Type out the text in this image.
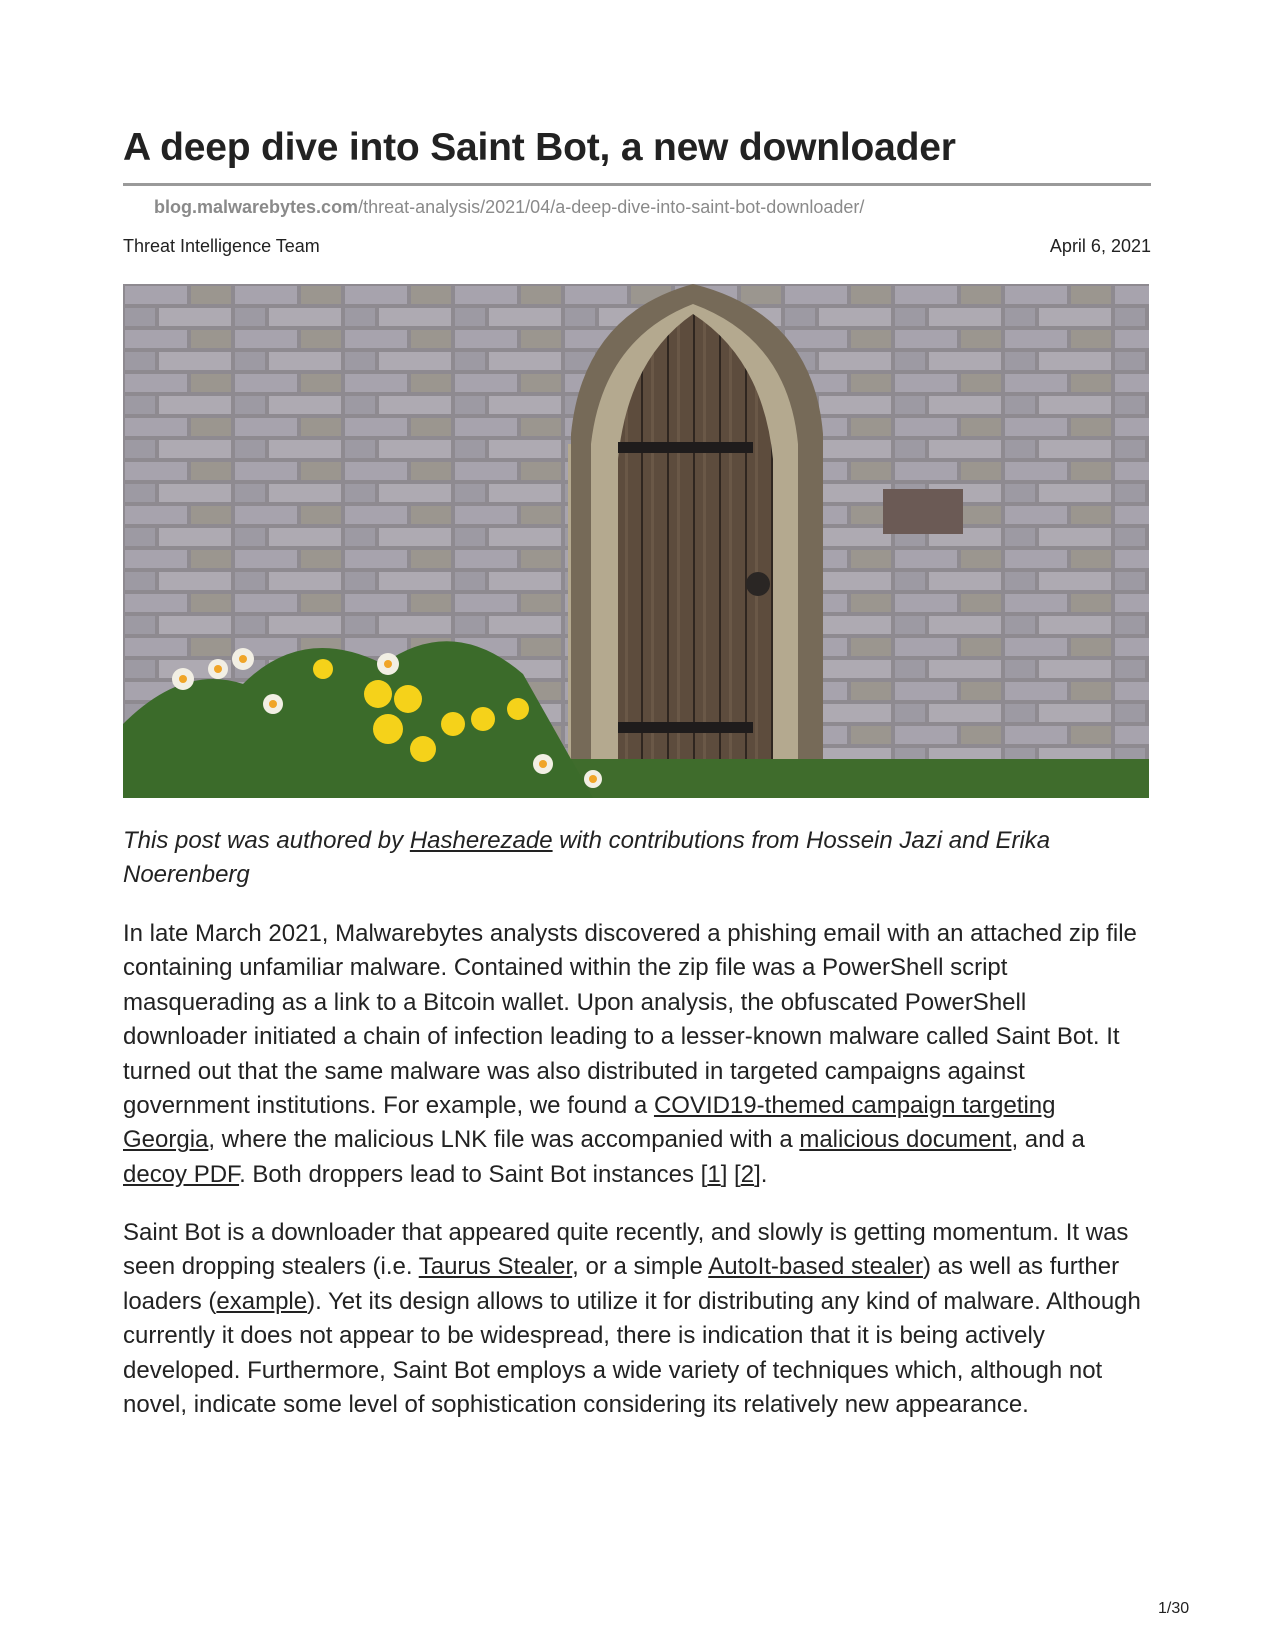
A deep dive into Saint Bot, a new downloader
blog.malwarebytes.com/threat-analysis/2021/04/a-deep-dive-into-saint-bot-downloader/
Threat Intelligence Team	April 6, 2021

This post was authored by Hasherezade with contributions from Hossein Jazi and Erika Noerenberg

In late March 2021, Malwarebytes analysts discovered a phishing email with an attached zip file containing unfamiliar malware. Contained within the zip file was a PowerShell script masquerading as a link to a Bitcoin wallet. Upon analysis, the obfuscated PowerShell downloader initiated a chain of infection leading to a lesser-known malware called Saint Bot. It turned out that the same malware was also distributed in targeted campaigns against government institutions. For example, we found a COVID19-themed campaign targeting Georgia, where the malicious LNK file was accompanied with a malicious document, and a decoy PDF. Both droppers lead to Saint Bot instances [1] [2].

Saint Bot is a downloader that appeared quite recently, and slowly is getting momentum. It was seen dropping stealers (i.e. Taurus Stealer, or a simple AutoIt-based stealer) as well as further loaders (example). Yet its design allows to utilize it for distributing any kind of malware. Although currently it does not appear to be widespread, there is indication that it is being actively developed. Furthermore, Saint Bot employs a wide variety of techniques which, although not novel, indicate some level of sophistication considering its relatively new appearance.

1/30
